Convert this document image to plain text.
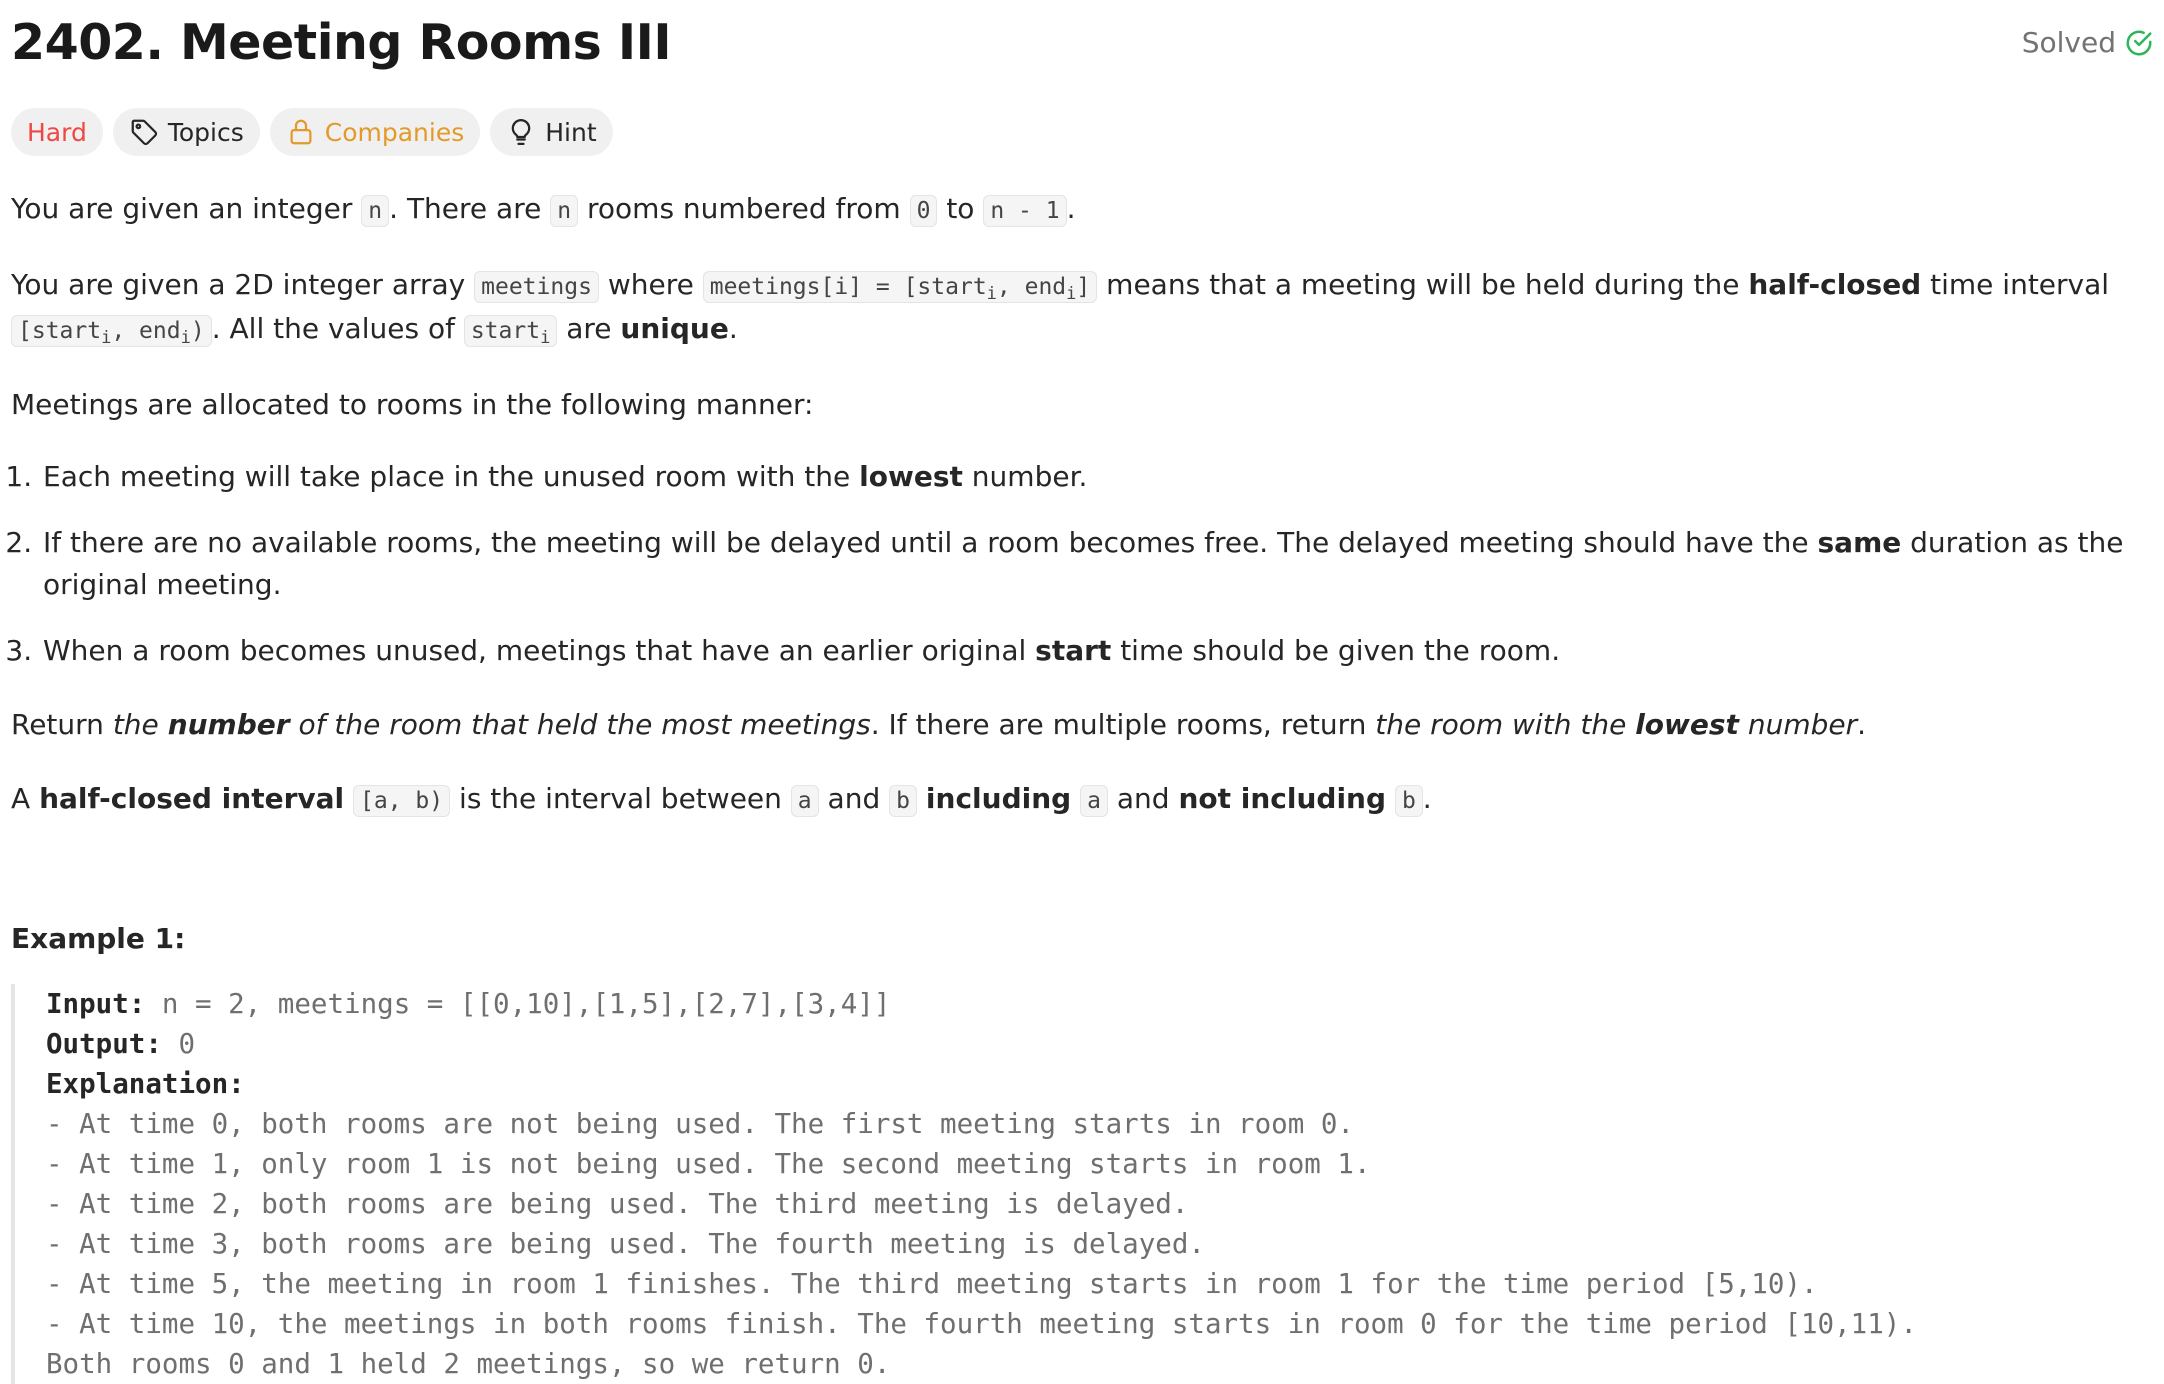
2402. Meeting Rooms III	Solved
Hard	Topics	Companies	Hint

You are given an integer n . There are n rooms numbered from 0 to n - 1 .

You are given a 2D integer array meetings where meetings[i] = [start$_i$, end$_i$] means that a meeting will be held during the half-closed time interval [start$_i$, end$_i$) . All the values of start$_i$ are unique.

Meetings are allocated to rooms in the following manner:

1. Each meeting will take place in the unused room with the lowest number.
2. If there are no available rooms, the meeting will be delayed until a room becomes free. The delayed meeting should have the same duration as the original meeting.
3. When a room becomes unused, meetings that have an earlier original start time should be given the room.

Return the number of the room that held the most meetings. If there are multiple rooms, return the room with the lowest number.

A half-closed interval [a, b) is the interval between a and b including a and not including b .

Example 1:

Input: n = 2, meetings = [[0,10],[1,5],[2,7],[3,4]]
Output: 0
Explanation:
- At time 0, both rooms are not being used. The first meeting starts in room 0.
- At time 1, only room 1 is not being used. The second meeting starts in room 1.
- At time 2, both rooms are being used. The third meeting is delayed.
- At time 3, both rooms are being used. The fourth meeting is delayed.
- At time 5, the meeting in room 1 finishes. The third meeting starts in room 1 for the time period [5,10).
- At time 10, the meetings in both rooms finish. The fourth meeting starts in room 0 for the time period [10,11).
Both rooms 0 and 1 held 2 meetings, so we return 0.
